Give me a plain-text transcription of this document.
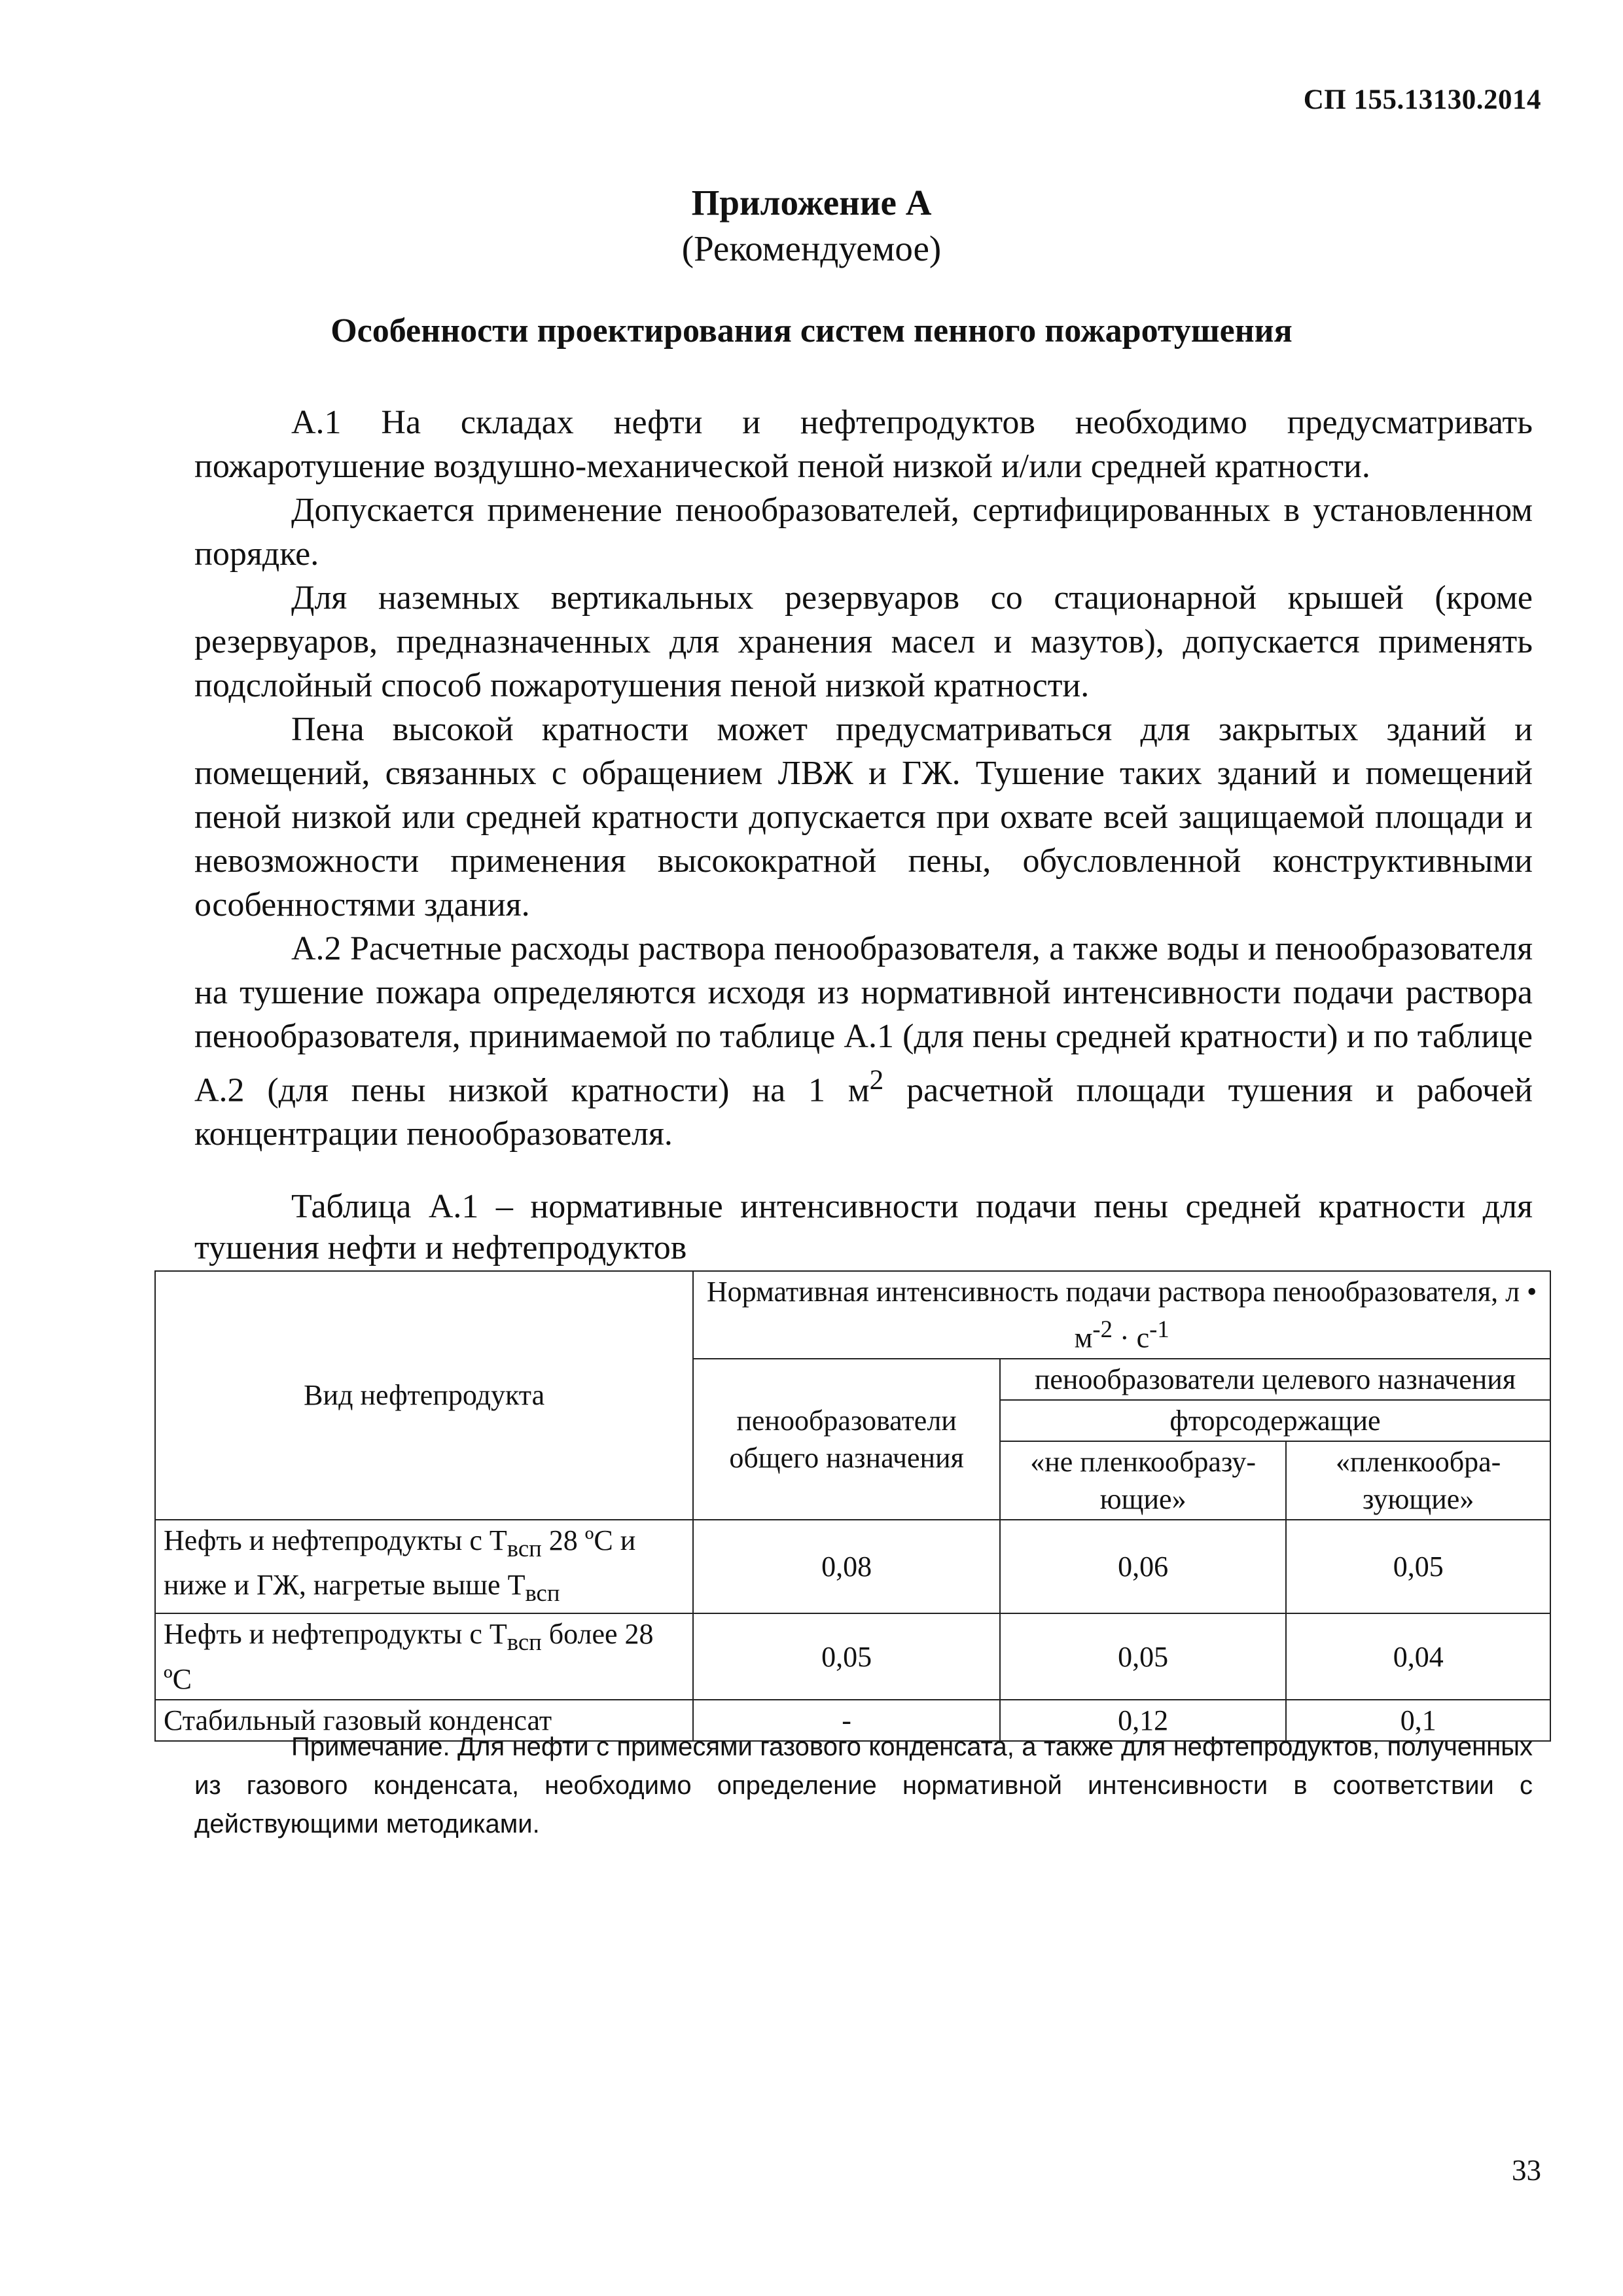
СП 155.13130.2014
Приложение А
(Рекомендуемое)
Особенности проектирования систем пенного пожаротушения

А.1 На складах нефти и нефтепродуктов необходимо предусматривать пожаротушение воздушно-механической пеной низкой и/или средней кратности.

Допускается применение пенообразователей, сертифицированных в установленном порядке.

Для наземных вертикальных резервуаров со стационарной крышей (кроме резервуаров, предназначенных для хранения масел и мазутов), допускается применять подслойный способ пожаротушения пеной низкой кратности.

Пена высокой кратности может предусматриваться для закрытых зданий и помещений, связанных с обращением ЛВЖ и ГЖ. Тушение таких зданий и помещений пеной низкой или средней кратности допускается при охвате всей защищаемой площади и невозможности применения высокократной пены, обусловленной конструктивными особенностями здания.

А.2 Расчетные расходы раствора пенообразователя, а также воды и пенообразователя на тушение пожара определяются исходя из нормативной интенсивности подачи раствора пенообразователя, принимаемой по таблице А.1 (для пены средней кратности) и по таблице А.2 (для пены низкой кратности) на 1 $м^2$ расчетной площади тушения и рабочей концентрации пенообразователя.

Таблица А.1 – нормативные интенсивности подачи пены средней кратности для тушения нефти и нефтепродуктов
Вид нефтепродукта	Нормативная интенсивность подачи раствора пенообразователя, л • $м^{-2} \cdot с^{-1}$
	пенообразователи общего назначения	пенообразователи целевого назначения	
		фторсодержащие	
		«не пленкообразу-ющие»	«пленкообра-зующие»
Нефть и нефтепродукты с $Т_{всп}$ 28 ºС и ниже и ГЖ, нагретые выше $Т_{всп}$	0,08	0,06	0,05
Нефть и нефтепродукты с $Т_{всп}$ более 28 ºС	0,05	0,05	0,04
Стабильный газовый конденсат	-	0,12	0,1
Примечание. Для нефти с примесями газового конденсата, а также для нефтепродуктов, полученных из газового конденсата, необходимо определение нормативной интенсивности в соответствии с действующими методиками.
33
